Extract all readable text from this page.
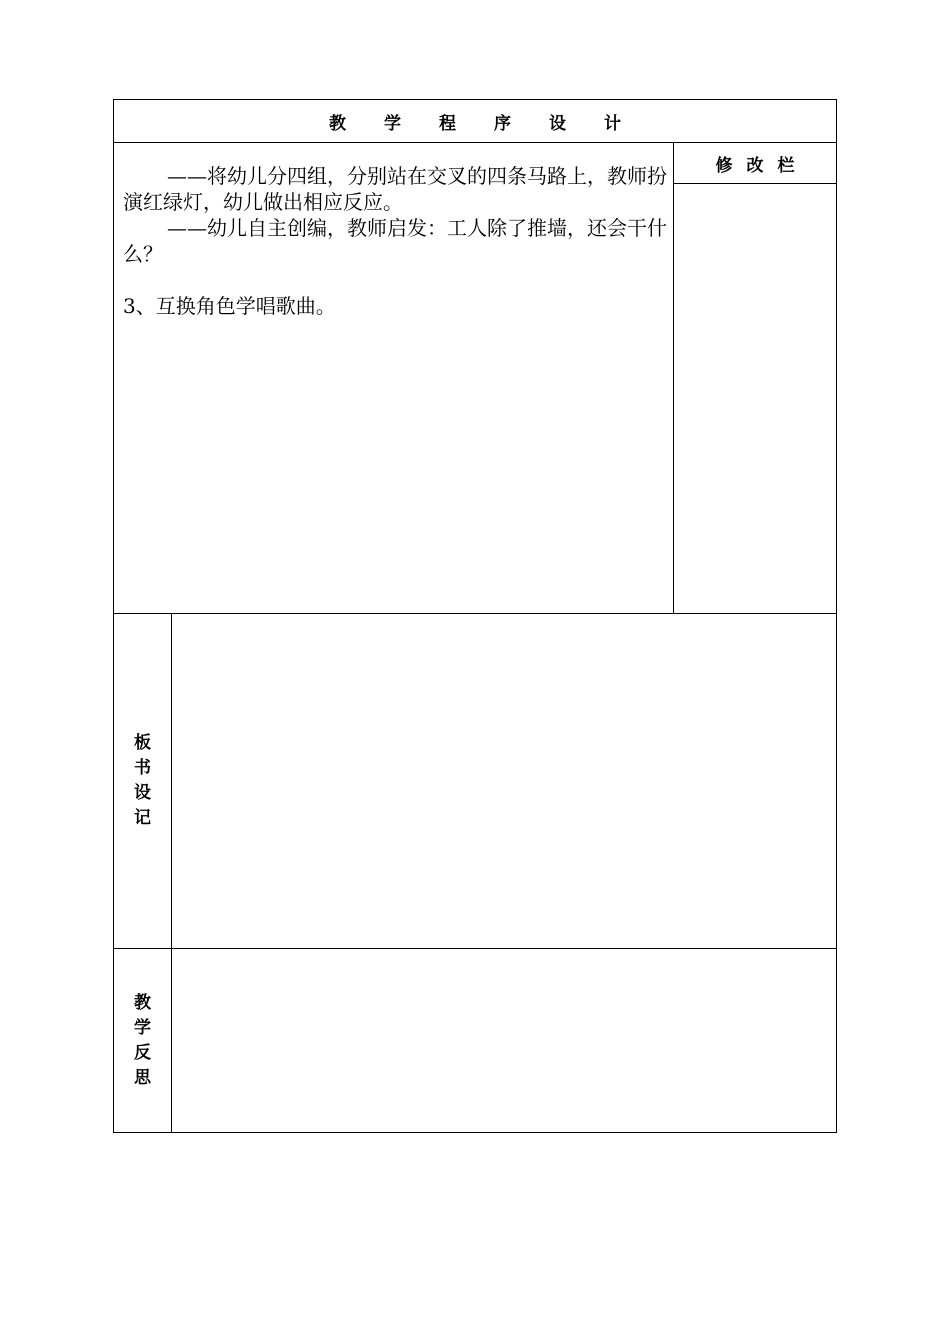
教学程序设计
修改栏

——将幼儿分四组，分别站在交叉的四条马路上，教师扮演红绿灯，幼儿做出相应反应。

——幼儿自主创编，教师启发：工人除了推墙，还会干什么？

3、互换角色学唱歌曲。

板
书
设
记
教
学
反
思
